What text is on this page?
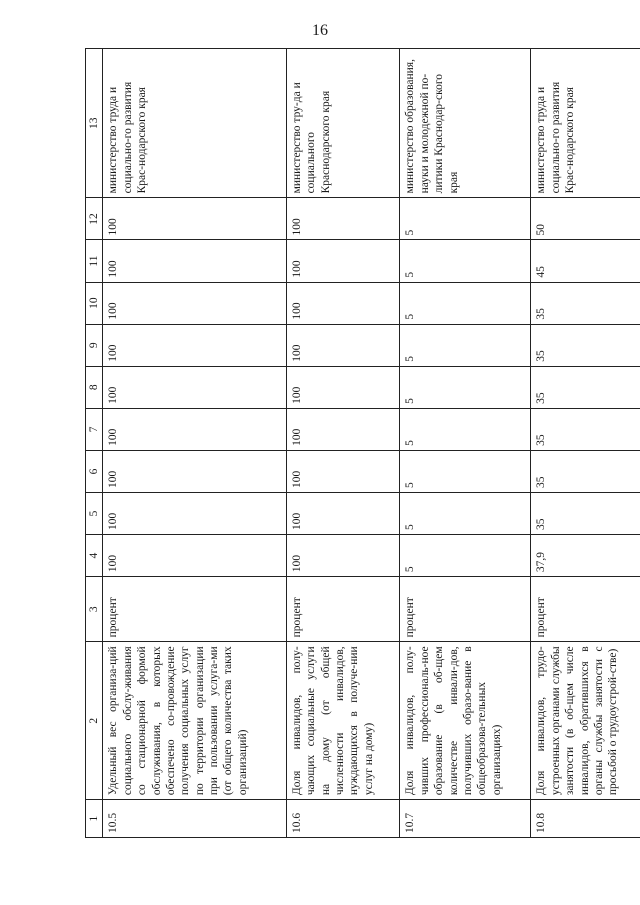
16
1	2	3	4	5	6	7	8	9	10	11	12	13
10.5	Удельный вес организа-ций социального обслу-живания со стационарной формой обслуживания, в которых обеспечено со-провождение получения социальных услуг по территории организации при пользовании услуга-ми (от общего количества таких организаций)	процент	100	100	100	100	100	100	100	100	100	министерство труда и социально-го развития Крас-нодарского края
10.6	Доля инвалидов, полу-чающих социальные услуги на дому (от общей численности инвалидов, нуждающихся в получе-нии услуг на дому)	процент	100	100	100	100	100	100	100	100	100	министерство тру-да и социального Краснодарского края
10.7	Доля инвалидов, полу-чивших профессиональ-ное образование (в об-щем количестве инвали-дов, получивших образо-вание в общеобразова-тельных организациях)	процент	5	5	5	5	5	5	5	5	5	министерство образования, науки и молодежной по-литики Краснодар-ского края
10.8	Доля инвалидов, трудо-устроенных органами службы занятости (в об-щем числе инвалидов, обратившихся в органы службы занятости с просьбой о трудоустрой-стве)	процент	37,9	35	35	35	35	35	35	45	50	министерство труда и социально-го развития Крас-нодарского края
